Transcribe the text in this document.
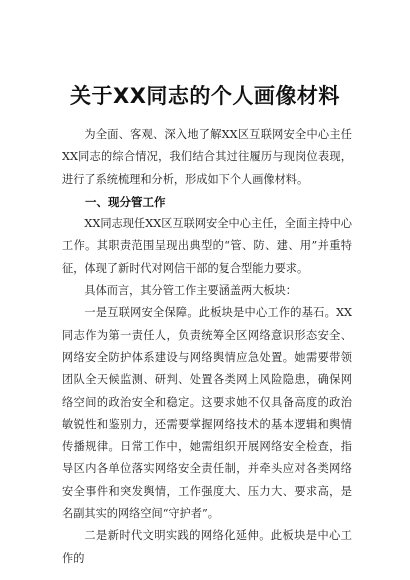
关于XX同志的个人画像材料

为全面、客观、深入地了解XX区互联网安全中心主任XX同志的综合情况，我们结合其过往履历与现岗位表现，进行了系统梳理和分析，形成如下个人画像材料。

一、现分管工作

XX同志现任XX区互联网安全中心主任，全面主持中心工作。其职责范围呈现出典型的“管、防、建、用”并重特征，体现了新时代对网信干部的复合型能力要求。

具体而言，其分管工作主要涵盖两大板块：

一是互联网安全保障。此板块是中心工作的基石。XX同志作为第一责任人，负责统筹全区网络意识形态安全、网络安全防护体系建设与网络舆情应急处置。她需要带领团队全天候监测、研判、处置各类网上风险隐患，确保网络空间的政治安全和稳定。这要求她不仅具备高度的政治敏锐性和鉴别力，还需要掌握网络技术的基本逻辑和舆情传播规律。日常工作中，她需组织开展网络安全检查，指导区内各单位落实网络安全责任制，并牵头应对各类网络安全事件和突发舆情，工作强度大、压力大、要求高，是名副其实的网络空间“守护者”。

二是新时代文明实践的网络化延伸。此板块是中心工作的
